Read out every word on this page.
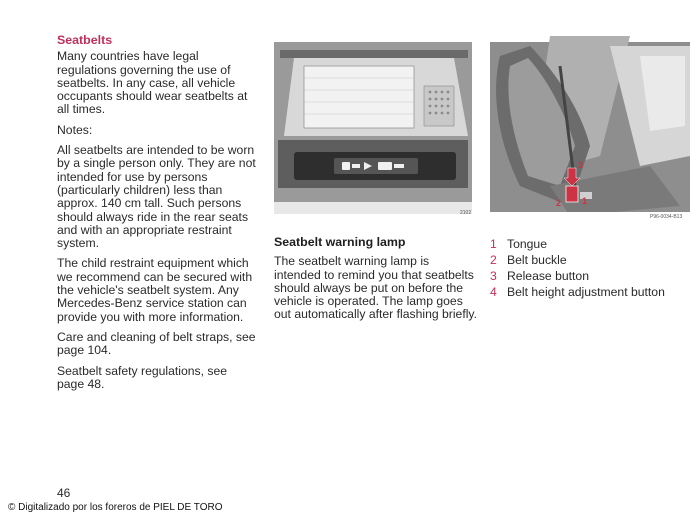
Seatbelts

Many countries have legal regulations governing the use of seatbelts. In any case, all vehicle occupants should wear seatbelts at all times.

Notes:

All seatbelts are intended to be worn by a single person only. They are not intended for use by persons (particularly children) less than approx. 140 cm tall. Such persons should always ride in the rear seats and with an appropriate restraint system.

The child restraint equipment which we recommend can be secured with the vehicle's seatbelt system. Any Mercedes-Benz service station can provide you with more information.

Care and cleaning of belt straps, see page 104.

Seatbelt safety regulations, see page 48.

2102
3
2 1
P96-0034-B13
Seatbelt warning lamp

The seatbelt warning lamp is intended to remind you that seatbelts should always be put on before the vehicle is operated. The lamp goes out automatically after flashing briefly.

1 Tongue
2 Belt buckle
3 Release button
4 Belt height adjustment button
46
© Digitalizado por los foreros de PIEL DE TORO
